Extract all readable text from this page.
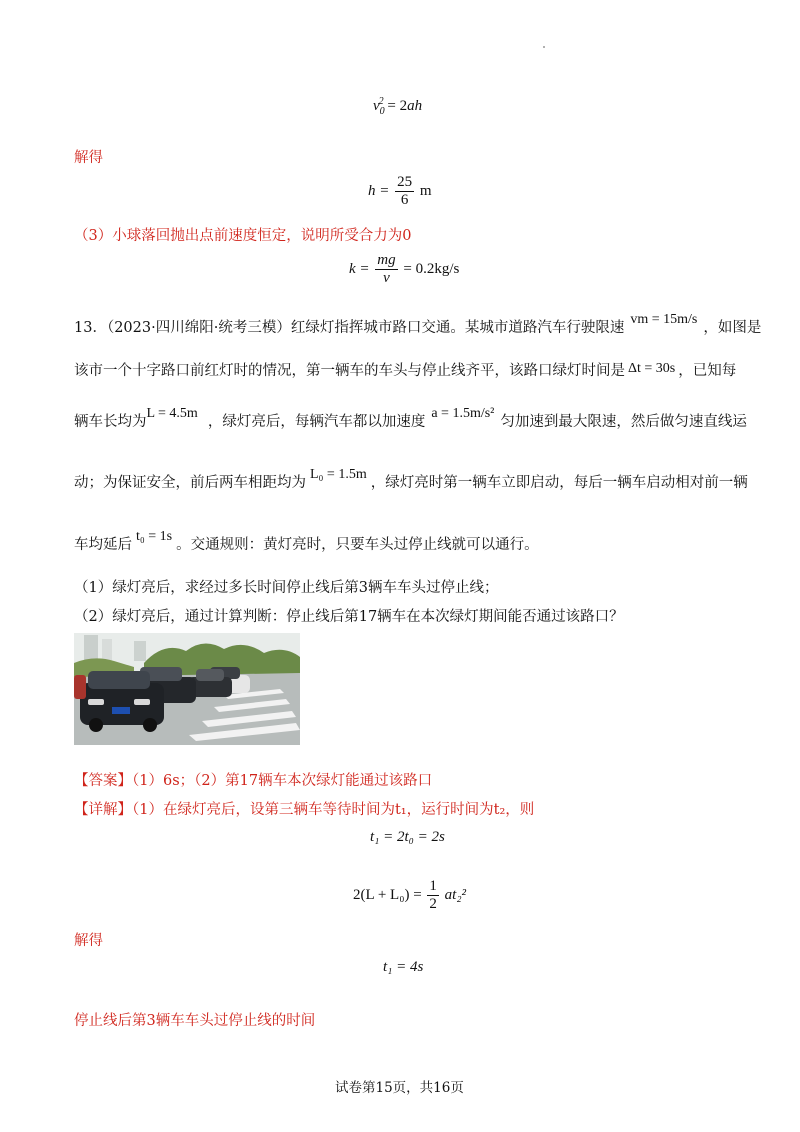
$v_0^2 = 2ah$
解得
$h = \frac{25}{6}$ m
（3）小球落回抛出点前速度恒定，说明所受合力为0
$k = \frac{mg}{v} = 0.2kg/s$
13．（2023·四川绵阳·统考三模）红绿灯指挥城市路口交通。某城市道路汽车行驶限速vm = 15m/s，如图是
该市一个十字路口前红灯时的情况，第一辆车的车头与停止线齐平，该路口绿灯时间是 Δt = 30s ，已知每
辆车长均为L = 4.5m，绿灯亮后，每辆汽车都以加速度a = 1.5m/s²匀加速到最大限速，然后做匀速直线运
动；为保证安全，前后两车相距均为L₀ = 1.5m，绿灯亮时第一辆车立即启动，每后一辆车启动相对前一辆
车均延后t₀ = 1s。交通规则：黄灯亮时，只要车头过停止线就可以通行。
（1）绿灯亮后，求经过多长时间停止线后第3辆车车头过停止线；
（2）绿灯亮后，通过计算判断：停止线后第17辆车在本次绿灯期间能否通过该路口？
【答案】（1）6s；（2）第17辆车本次绿灯能通过该路口
【详解】（1）在绿灯亮后，设第三辆车等待时间为t₁，运行时间为t₂，则
t₁ = 2t₀ = 2s
$2(L + L_0) = \frac{1}{2} at_2^2$
解得
t₁ = 4s
停止线后第3辆车车头过停止线的时间
试卷第15页，共16页
